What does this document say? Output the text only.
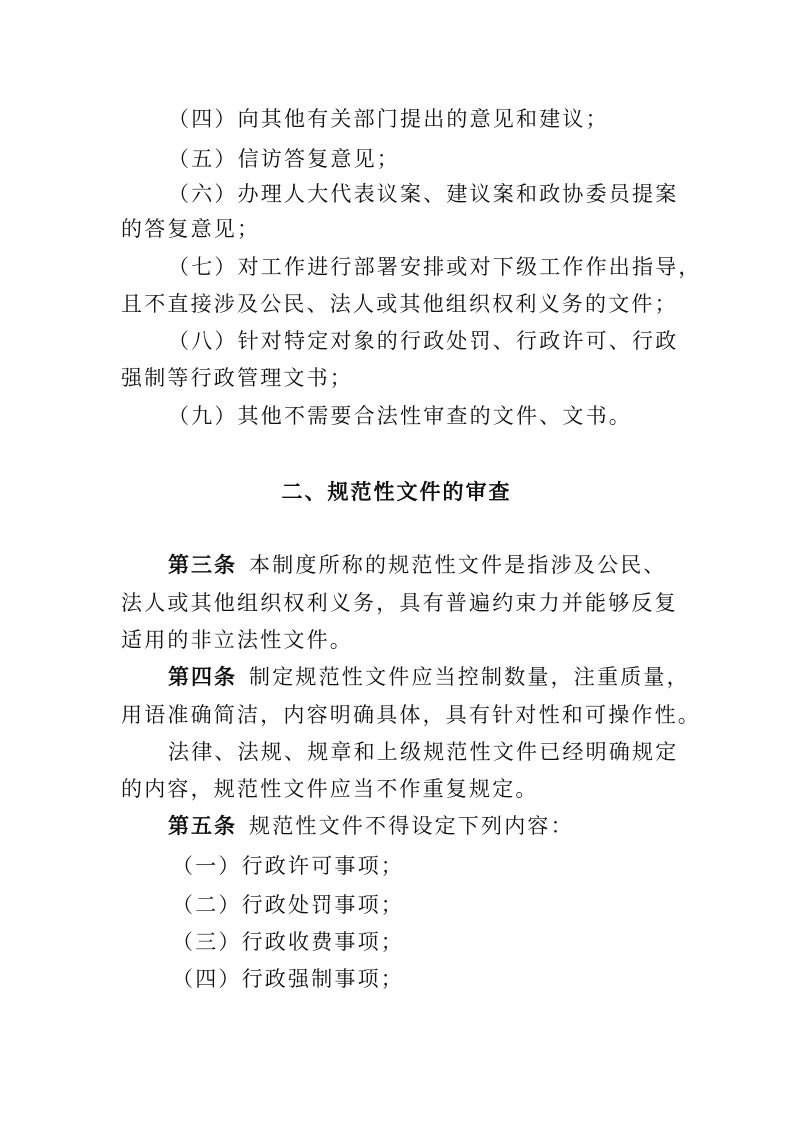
（四）向其他有关部门提出的意见和建议；
（五）信访答复意见；
（六）办理人大代表议案、建议案和政协委员提案
的答复意见；
（七）对工作进行部署安排或对下级工作作出指导，
且不直接涉及公民、法人或其他组织权利义务的文件；
（八）针对特定对象的行政处罚、行政许可、行政
强制等行政管理文书；
（九）其他不需要合法性审查的文件、文书。
二、规范性文件的审查
第三条 本制度所称的规范性文件是指涉及公民、
法人或其他组织权利义务，具有普遍约束力并能够反复
适用的非立法性文件。
第四条 制定规范性文件应当控制数量，注重质量，
用语准确简洁，内容明确具体，具有针对性和可操作性。
法律、法规、规章和上级规范性文件已经明确规定
的内容，规范性文件应当不作重复规定。
第五条 规范性文件不得设定下列内容：
（一）行政许可事项；
（二）行政处罚事项；
（三）行政收费事项；
（四）行政强制事项；
